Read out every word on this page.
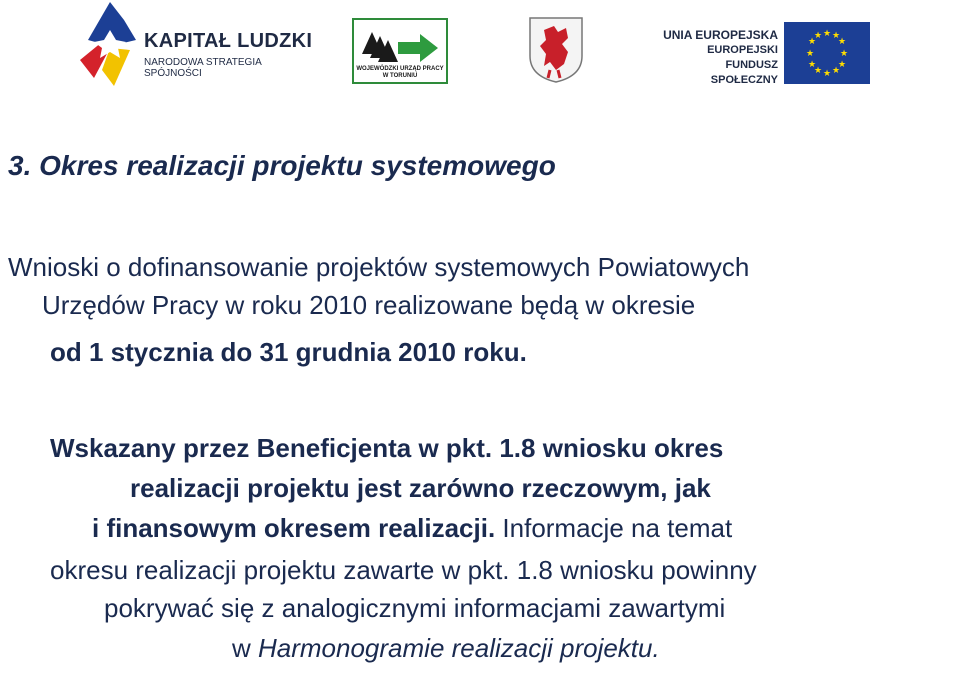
KAPITAŁ LUDZKI
NARODOWA STRATEGIA SPÓJNOŚCI	WOJEWÓDZKI URZĄD PRACY
W TORUNIU
UNIA EUROPEJSKA
EUROPEJSKI
FUNDUSZ SPOŁECZNY
★ ★
★
★
★
★
★
★
★
★
★
★
3. Okres realizacji projektu systemowego
Wnioski o dofinansowanie projektów systemowych Powiatowych
Urzędów Pracy w roku 2010 realizowane będą w okresie
od 1 stycznia do 31 grudnia 2010 roku.
Wskazany przez Beneficjenta w pkt. 1.8 wniosku okres
realizacji projektu jest zarówno rzeczowym, jak
i finansowym okresem realizacji. Informacje na temat
okresu realizacji projektu zawarte w pkt. 1.8 wniosku powinny
pokrywać się z analogicznymi informacjami zawartymi
w Harmonogramie realizacji projektu.
